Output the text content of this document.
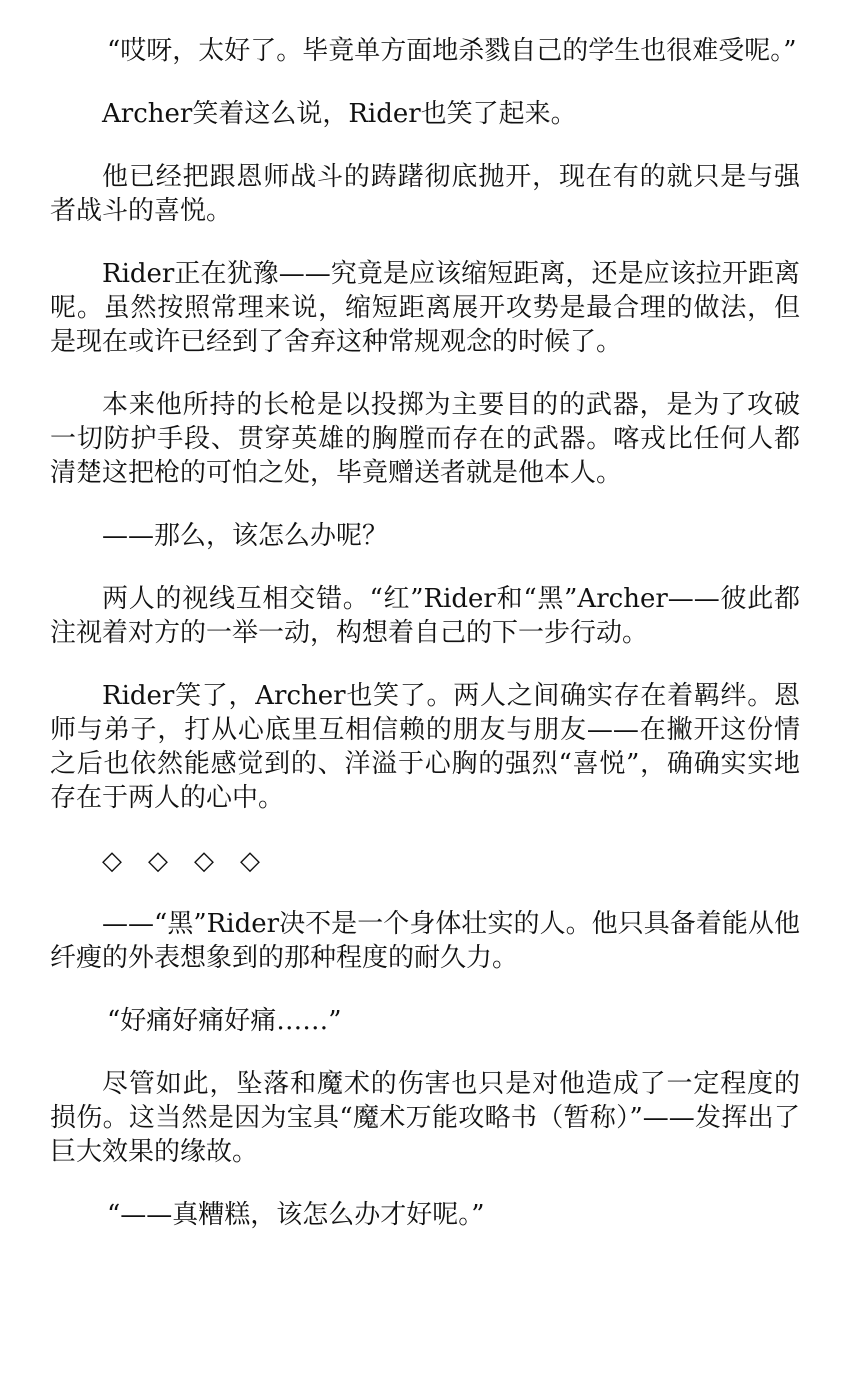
“哎呀，太好了。毕竟单方面地杀戮自己的学生也很难受呢。”

Archer笑着这么说，Rider也笑了起来。

他已经把跟恩师战斗的踌躇彻底抛开，现在有的就只是与强者战斗的喜悦。

Rider正在犹豫——究竟是应该缩短距离，还是应该拉开距离呢。虽然按照常理来说，缩短距离展开攻势是最合理的做法，但是现在或许已经到了舍弃这种常规观念的时候了。

本来他所持的长枪是以投掷为主要目的的武器，是为了攻破一切防护手段、贯穿英雄的胸膛而存在的武器。喀戎比任何人都清楚这把枪的可怕之处，毕竟赠送者就是他本人。

——那么，该怎么办呢？

两人的视线互相交错。“红”Rider和“黑”Archer——彼此都注视着对方的一举一动，构想着自己的下一步行动。

Rider笑了，Archer也笑了。两人之间确实存在着羁绊。恩师与弟子，打从心底里互相信赖的朋友与朋友——在撇开这份情之后也依然能感觉到的、洋溢于心胸的强烈“喜悦”，确确实实地存在于两人的心中。

◇　◇　◇　◇

——“黑”Rider决不是一个身体壮实的人。他只具备着能从他纤瘦的外表想象到的那种程度的耐久力。

“好痛好痛好痛……”

尽管如此，坠落和魔术的伤害也只是对他造成了一定程度的损伤。这当然是因为宝具“魔术万能攻略书（暂称）”——发挥出了巨大效果的缘故。

“——真糟糕，该怎么办才好呢。”
